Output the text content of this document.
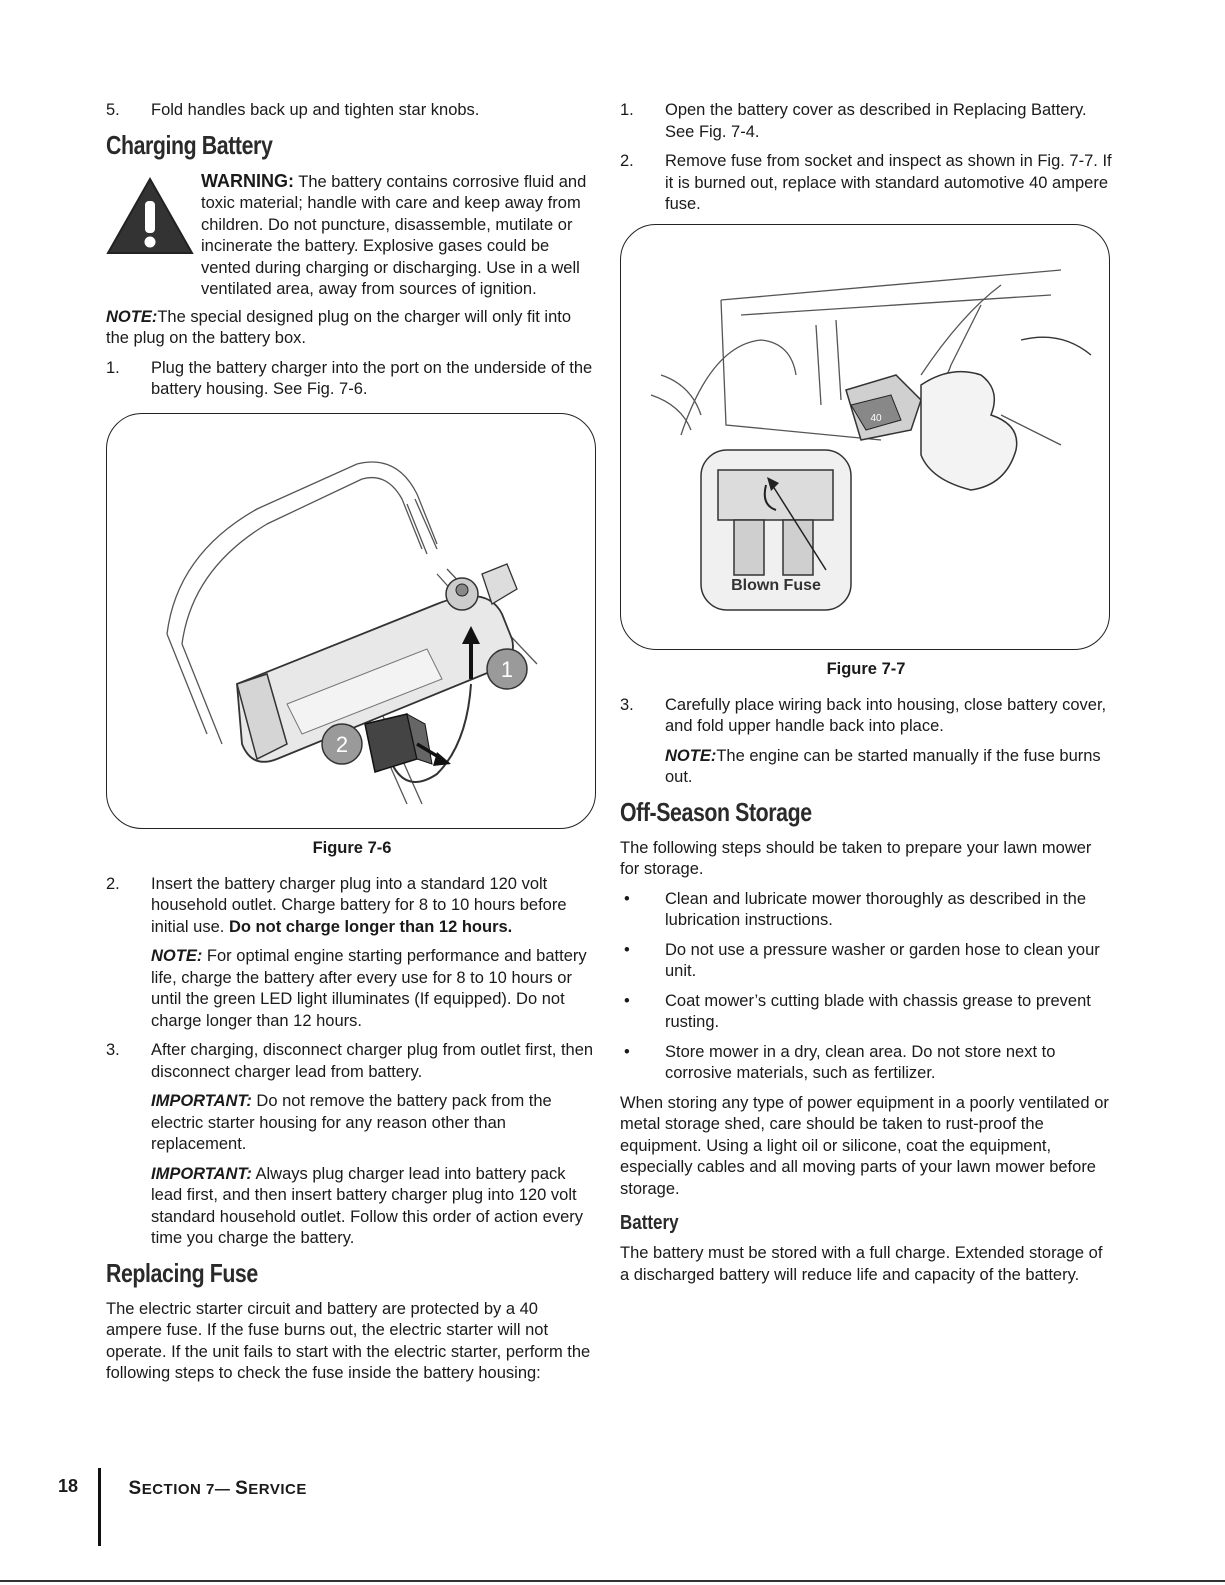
5.	Fold handles back up and tighten star knobs.
Charging Battery

WARNING: The battery contains corrosive fluid and toxic material; handle with care and keep away from children. Do not puncture, disassemble, mutilate or incinerate the battery. Explosive gases could be vented during charging or discharging. Use in a well ventilated area, away from sources of ignition.

NOTE:The special designed plug on the charger will only fit into the plug on the battery box.

1.	Plug the battery charger into the port on the underside of the battery housing. See Fig. 7-6.
1
2
Figure 7-6
2.	Insert the battery charger plug into a standard 120 volt household outlet. Charge battery for 8 to 10 hours before initial use. Do not charge longer than 12 hours.

NOTE: For optimal engine starting performance and battery life, charge the battery after every use for 8 to 10 hours or until the green LED light illuminates (If equipped). Do not charge longer than 12 hours.

3.	After charging, disconnect charger plug from outlet first, then disconnect charger lead from battery.

IMPORTANT: Do not remove the battery pack from the electric starter housing for any reason other than replacement.

IMPORTANT: Always plug charger lead into battery pack lead first, and then insert battery charger plug into 120 volt standard household outlet. Follow this order of action every time you charge the battery.

Replacing Fuse

The electric starter circuit and battery are protected by a 40 ampere fuse. If the fuse burns out, the electric starter will not operate. If the unit fails to start with the electric starter, perform the following steps to check the fuse inside the battery housing:

1.	Open the battery cover as described in Replacing Battery. See Fig. 7-4.
2.	Remove fuse from socket and inspect as shown in Fig. 7-7. If it is burned out, replace with standard automotive 40 ampere fuse.
40
Blown Fuse
Figure 7-7
3.	Carefully place wiring back into housing, close battery cover, and fold upper handle back into place.

NOTE:The engine can be started manually if the fuse burns out.

Off-Season Storage

The following steps should be taken to prepare your lawn mower for storage.

•	Clean and lubricate mower thoroughly as described in the lubrication instructions.
•	Do not use a pressure washer or garden hose to clean your unit.
•	Coat mower’s cutting blade with chassis grease to prevent rusting.
•	Store mower in a dry, clean area. Do not store next to corrosive materials, such as fertilizer.

When storing any type of power equipment in a poorly ventilated or metal storage shed, care should be taken to rust-proof the equipment. Using a light oil or silicone, coat the equipment, especially cables and all moving parts of your lawn mower before storage.

Battery

The battery must be stored with a full charge. Extended storage of a discharged battery will reduce life and capacity of the battery.

18	SECTION 7— SERVICE
